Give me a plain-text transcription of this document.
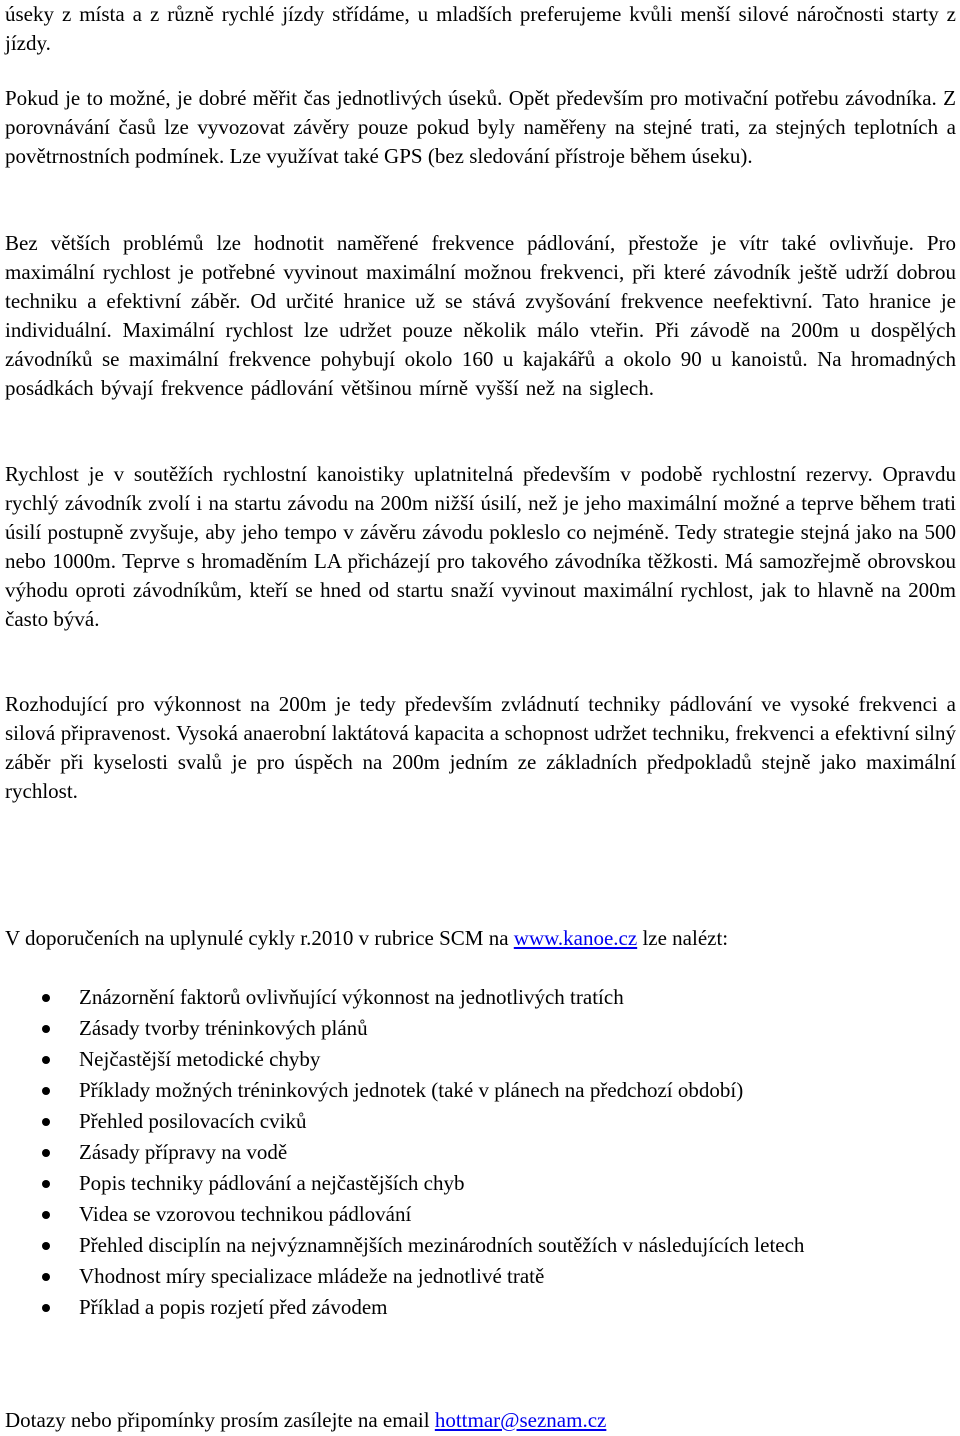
úseky z místa a z různě rychlé jízdy střídáme, u mladších preferujeme kvůli menší silové náročnosti starty z jízdy.

Pokud je to možné, je dobré měřit čas jednotlivých úseků. Opět především pro motivační potřebu závodníka. Z porovnávání časů lze vyvozovat závěry pouze pokud byly naměřeny na stejné trati, za stejných teplotních a povětrnostních podmínek. Lze využívat také GPS (bez sledování přístroje během úseku).

Bez větších problémů lze hodnotit naměřené frekvence pádlování, přestože je vítr také ovlivňuje. Pro maximální rychlost je potřebné vyvinout maximální možnou frekvenci, při které závodník ještě udrží dobrou techniku a efektivní záběr. Od určité hranice už se stává zvyšování frekvence neefektivní. Tato hranice je individuální. Maximální rychlost lze udržet pouze několik málo vteřin. Při závodě na 200m u dospělých závodníků se maximální frekvence pohybují okolo 160 u kajakářů a okolo 90 u kanoistů. Na hromadných posádkách bývají frekvence pádlování většinou mírně vyšší než na siglech.

Rychlost je v soutěžích rychlostní kanoistiky uplatnitelná především v podobě rychlostní rezervy. Opravdu rychlý závodník zvolí i na startu závodu na 200m nižší úsilí, než je jeho maximální možné a teprve během trati úsilí postupně zvyšuje, aby jeho tempo v závěru závodu pokleslo co nejméně. Tedy strategie stejná jako na 500 nebo 1000m. Teprve s hromaděním LA přicházejí pro takového závodníka těžkosti. Má samozřejmě obrovskou výhodu oproti závodníkům, kteří se hned od startu snaží vyvinout maximální rychlost, jak to hlavně na 200m často bývá.

Rozhodující pro výkonnost na 200m je tedy především zvládnutí techniky pádlování ve vysoké frekvenci a silová připravenost. Vysoká anaerobní laktátová kapacita a schopnost udržet techniku, frekvenci a efektivní silný záběr při kyselosti svalů je pro úspěch na 200m jedním ze základních předpokladů stejně jako maximální rychlost.

V doporučeních na uplynulé cykly r.2010 v rubrice SCM na www.kanoe.cz lze nalézt:

Znázornění faktorů ovlivňující výkonnost na jednotlivých tratích
Zásady tvorby tréninkových plánů
Nejčastější metodické chyby
Příklady možných tréninkových jednotek (také v plánech na předchozí období)
Přehled posilovacích cviků
Zásady přípravy na vodě
Popis techniky pádlování a nejčastějších chyb
Videa se vzorovou technikou pádlování
Přehled disciplín na nejvýznamnějších mezinárodních soutěžích v následujících letech
Vhodnost míry specializace mládeže na jednotlivé tratě
Příklad a popis rozjetí před závodem

Dotazy nebo připomínky prosím zasílejte na email hottmar@seznam.cz
